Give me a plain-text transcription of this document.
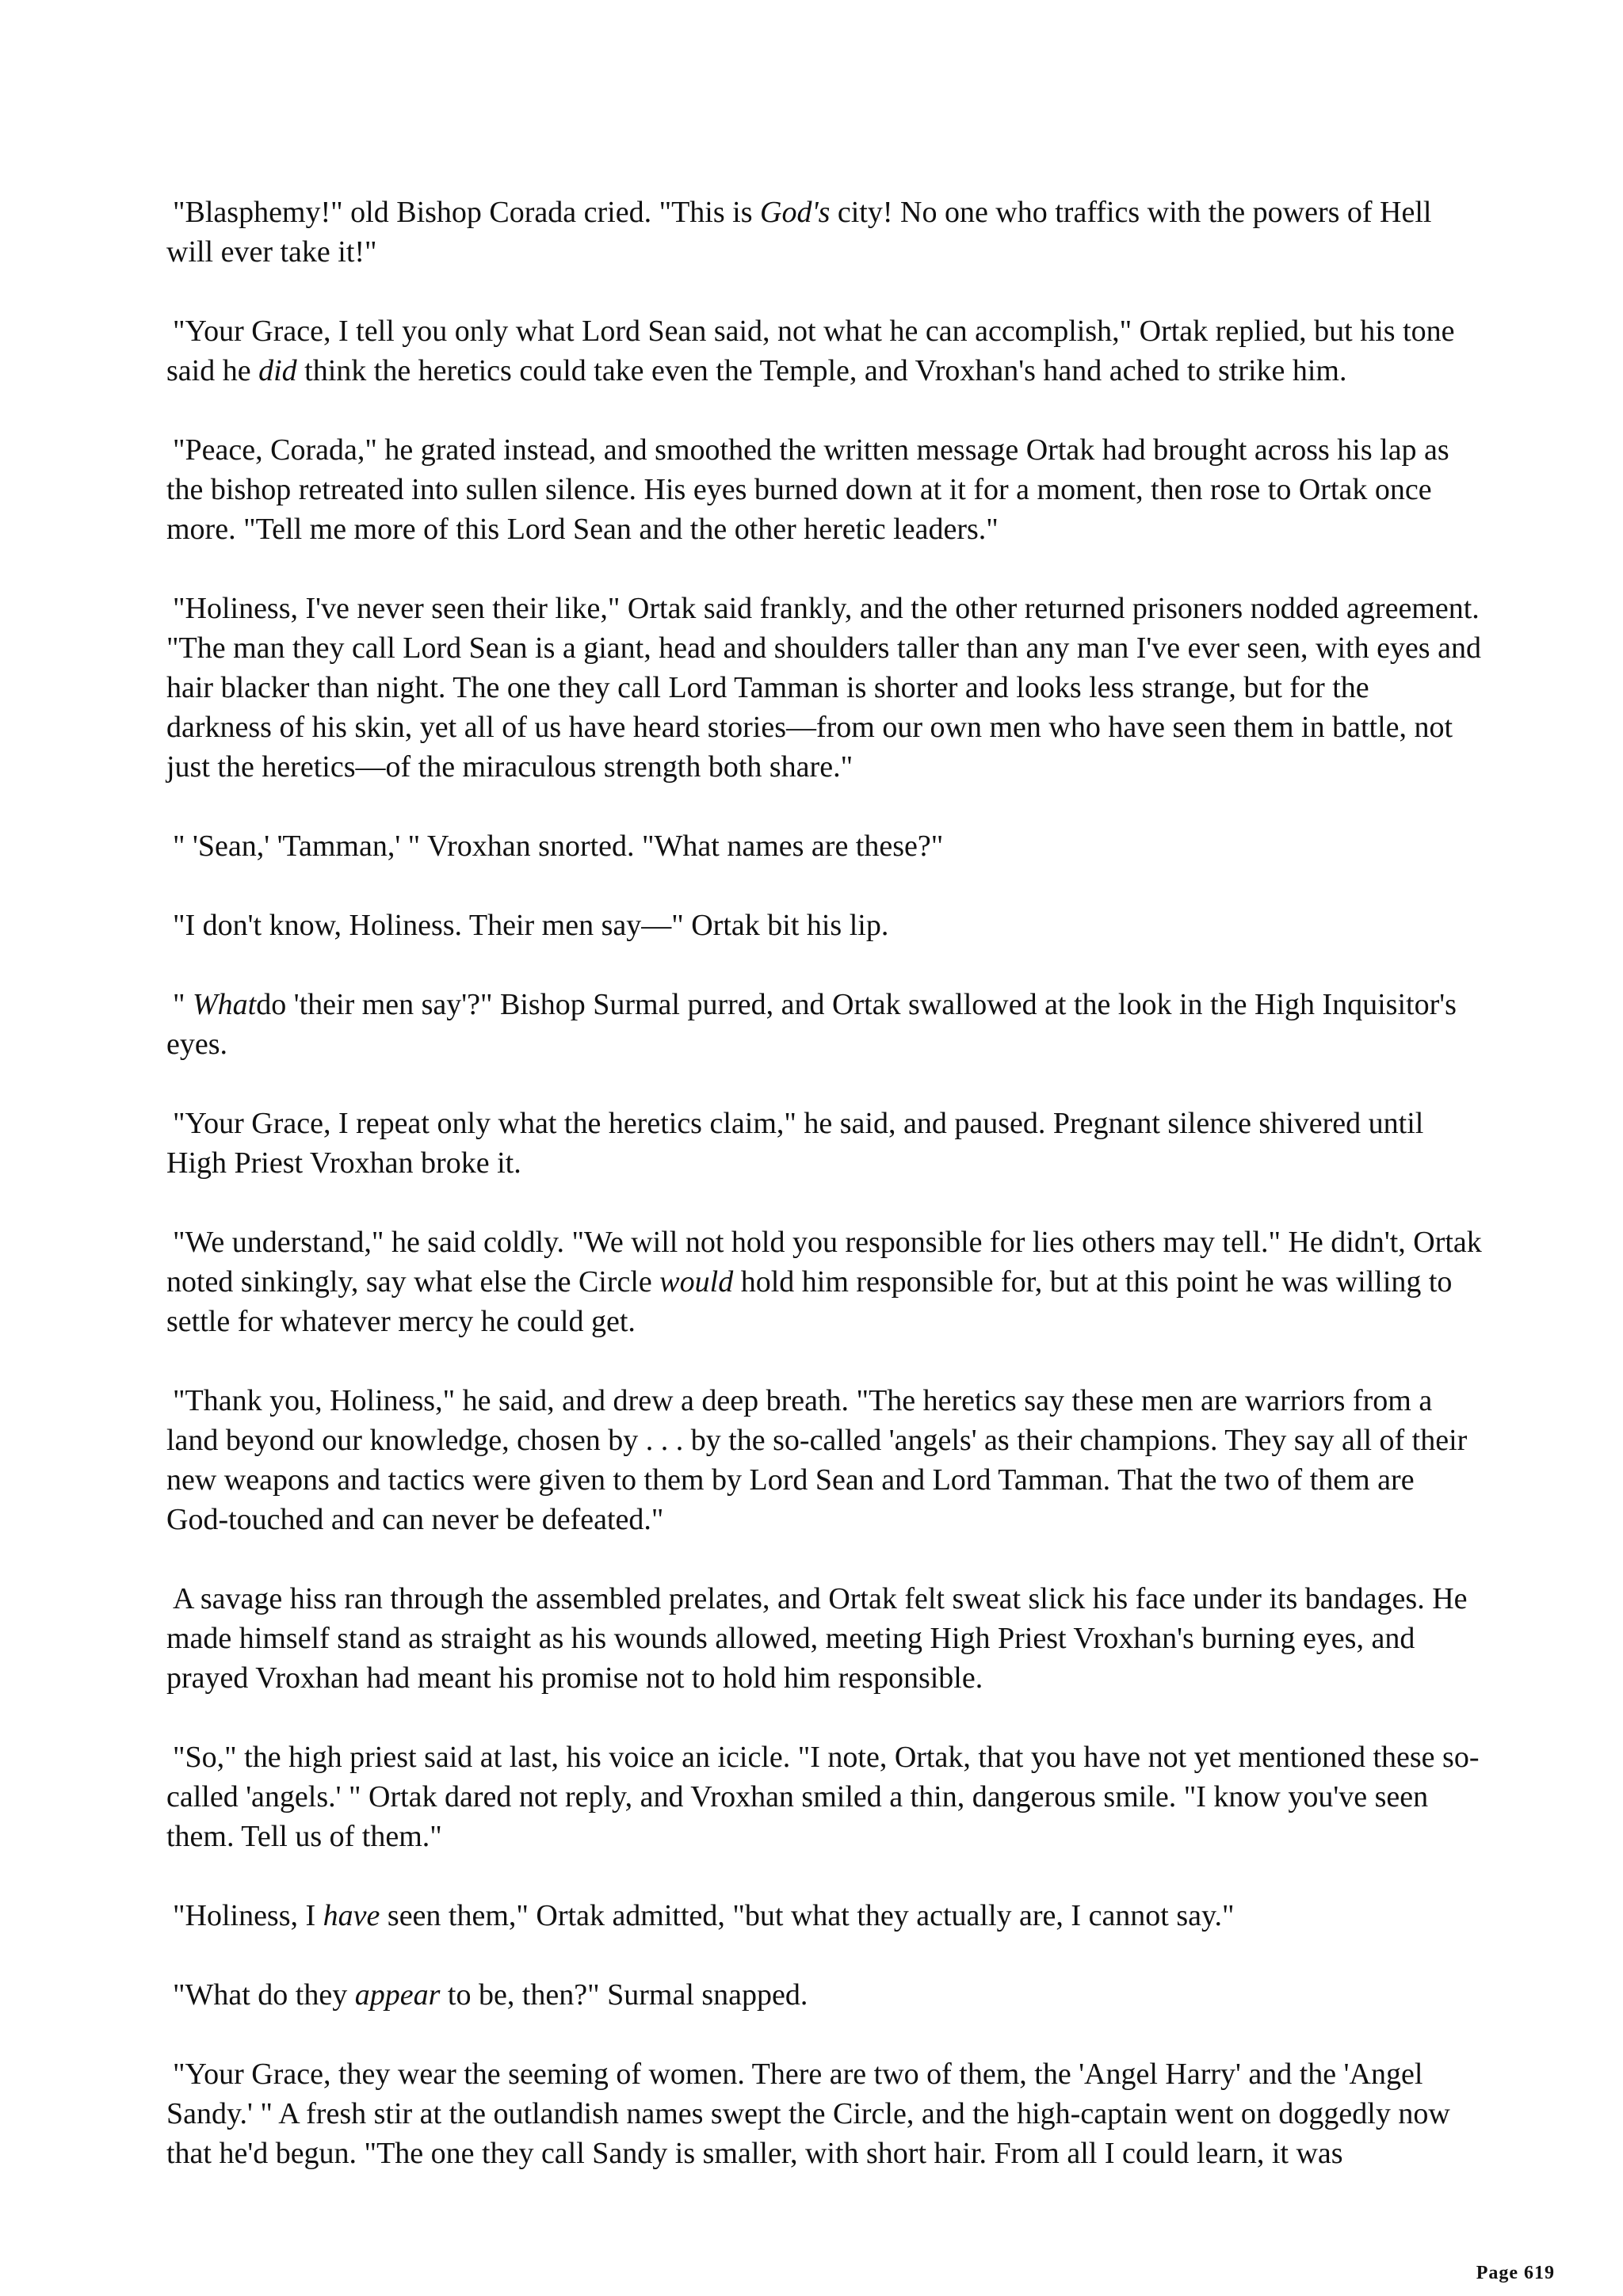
"Blasphemy!" old Bishop Corada cried. "This is God's city! No one who traffics with the powers of Hell will ever take it!"

"Your Grace, I tell you only what Lord Sean said, not what he can accomplish," Ortak replied, but his tone said he did think the heretics could take even the Temple, and Vroxhan's hand ached to strike him.

"Peace, Corada," he grated instead, and smoothed the written message Ortak had brought across his lap as the bishop retreated into sullen silence. His eyes burned down at it for a moment, then rose to Ortak once more. "Tell me more of this Lord Sean and the other heretic leaders."

"Holiness, I've never seen their like," Ortak said frankly, and the other returned prisoners nodded agreement. "The man they call Lord Sean is a giant, head and shoulders taller than any man I've ever seen, with eyes and hair blacker than night. The one they call Lord Tamman is shorter and looks less strange, but for the darkness of his skin, yet all of us have heard stories—from our own men who have seen them in battle, not just the heretics—of the miraculous strength both share."

" 'Sean,' 'Tamman,' " Vroxhan snorted. "What names are these?"

"I don't know, Holiness. Their men say—" Ortak bit his lip.

" Whatdo 'their men say'?" Bishop Surmal purred, and Ortak swallowed at the look in the High Inquisitor's eyes.

"Your Grace, I repeat only what the heretics claim," he said, and paused. Pregnant silence shivered until High Priest Vroxhan broke it.

"We understand," he said coldly. "We will not hold you responsible for lies others may tell." He didn't, Ortak noted sinkingly, say what else the Circle would hold him responsible for, but at this point he was willing to settle for whatever mercy he could get.

"Thank you, Holiness," he said, and drew a deep breath. "The heretics say these men are warriors from a land beyond our knowledge, chosen by . . . by the so-called 'angels' as their champions. They say all of their new weapons and tactics were given to them by Lord Sean and Lord Tamman. That the two of them are God-touched and can never be defeated."

A savage hiss ran through the assembled prelates, and Ortak felt sweat slick his face under its bandages. He made himself stand as straight as his wounds allowed, meeting High Priest Vroxhan's burning eyes, and prayed Vroxhan had meant his promise not to hold him responsible.

"So," the high priest said at last, his voice an icicle. "I note, Ortak, that you have not yet mentioned these so-called 'angels.' " Ortak dared not reply, and Vroxhan smiled a thin, dangerous smile. "I know you've seen them. Tell us of them."

"Holiness, I have seen them," Ortak admitted, "but what they actually are, I cannot say."

"What do they appear to be, then?" Surmal snapped.

"Your Grace, they wear the seeming of women. There are two of them, the 'Angel Harry' and the 'Angel Sandy.' " A fresh stir at the outlandish names swept the Circle, and the high-captain went on doggedly now that he'd begun. "The one they call Sandy is smaller, with short hair. From all I could learn, it was

Page 619
